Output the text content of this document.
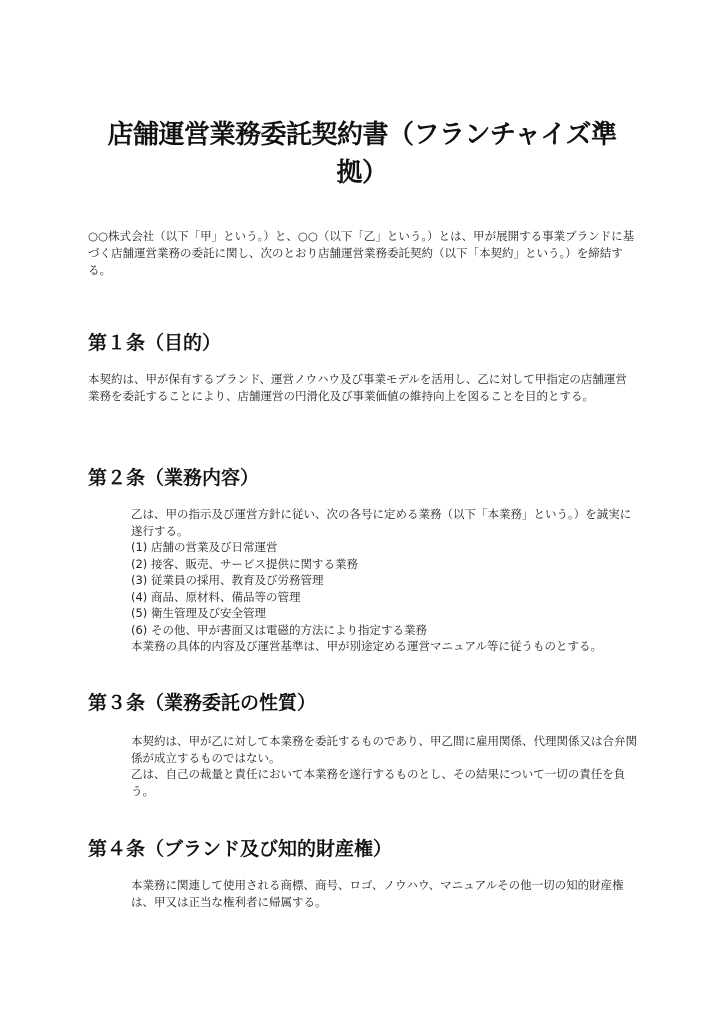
店舗運営業務委託契約書（フランチャイズ準
拠）
○○株式会社（以下「甲」という。）と、○○（以下「乙」という。）とは、甲が展開する事業ブランドに基づく店舗運営業務の委託に関し、次のとおり店舗運営業務委託契約（以下「本契約」という。）を締結する。
第１条（目的）

本契約は、甲が保有するブランド、運営ノウハウ及び事業モデルを活用し、乙に対して甲指定の店舗運営業務を委託することにより、店舗運営の円滑化及び事業価値の維持向上を図ることを目的とする。

第２条（業務内容）

乙は、甲の指示及び運営方針に従い、次の各号に定める業務（以下「本業務」という。）を誠実に遂行する。

(1) 店舗の営業及び日常運営

(2) 接客、販売、サービス提供に関する業務

(3) 従業員の採用、教育及び労務管理

(4) 商品、原材料、備品等の管理

(5) 衛生管理及び安全管理

(6) その他、甲が書面又は電磁的方法により指定する業務

本業務の具体的内容及び運営基準は、甲が別途定める運営マニュアル等に従うものとする。

第３条（業務委託の性質）

本契約は、甲が乙に対して本業務を委託するものであり、甲乙間に雇用関係、代理関係又は合弁関係が成立するものではない。

乙は、自己の裁量と責任において本業務を遂行するものとし、その結果について一切の責任を負う。

第４条（ブランド及び知的財産権）

本業務に関連して使用される商標、商号、ロゴ、ノウハウ、マニュアルその他一切の知的財産権は、甲又は正当な権利者に帰属する。
